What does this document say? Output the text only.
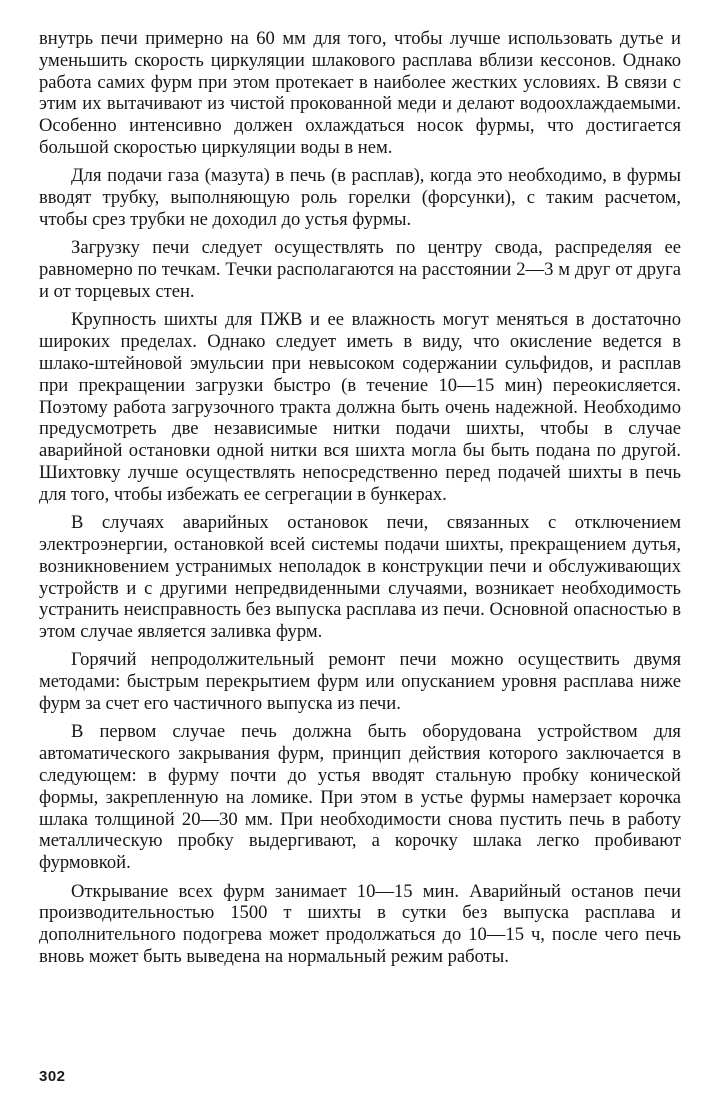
внутрь печи примерно на 60 мм для того, чтобы лучше использовать дутье и уменьшить скорость циркуляции шлакового расплава вблизи кессонов. Однако работа самих фурм при этом протекает в наиболее жестких условиях. В связи с этим их вытачивают из чистой прокованной меди и делают водоохлаждаемыми. Особенно интенсивно должен охлаждаться носок фурмы, что достигается большой скоростью циркуляции воды в нем.

Для подачи газа (мазута) в печь (в расплав), когда это необходимо, в фурмы вводят трубку, выполняющую роль горелки (форсунки), с таким расчетом, чтобы срез трубки не доходил до устья фурмы.

Загрузку печи следует осуществлять по центру свода, распределяя ее равномерно по течкам. Течки располагаются на расстоянии 2—3 м друг от друга и от торцевых стен.

Крупность шихты для ПЖВ и ее влажность могут меняться в достаточно широких пределах. Однако следует иметь в виду, что окисление ведется в шлако-штейновой эмульсии при невысоком содержании сульфидов, и расплав при прекращении загрузки быстро (в течение 10—15 мин) переокисляется. Поэтому работа загрузочного тракта должна быть очень надежной. Необходимо предусмотреть две независимые нитки подачи шихты, чтобы в случае аварийной остановки одной нитки вся шихта могла бы быть подана по другой. Шихтовку лучше осуществлять непосредственно перед подачей шихты в печь для того, чтобы избежать ее сегрегации в бункерах.

В случаях аварийных остановок печи, связанных с отключением электроэнергии, остановкой всей системы подачи шихты, прекращением дутья, возникновением устранимых неполадок в конструкции печи и обслуживающих устройств и с другими непредвиденными случаями, возникает необходимость устранить неисправность без выпуска расплава из печи. Основной опасностью в этом случае является заливка фурм.

Горячий непродолжительный ремонт печи можно осуществить двумя методами: быстрым перекрытием фурм или опусканием уровня расплава ниже фурм за счет его частичного выпуска из печи.

В первом случае печь должна быть оборудована устройством для автоматического закрывания фурм, принцип действия которого заключается в следующем: в фурму почти до устья вводят стальную пробку конической формы, закрепленную на ломике. При этом в устье фурмы намерзает корочка шлака толщиной 20—30 мм. При необходимости снова пустить печь в работу металлическую пробку выдергивают, а корочку шлака легко пробивают фурмовкой.

Открывание всех фурм занимает 10—15 мин. Аварийный останов печи производительностью 1500 т шихты в сутки без выпуска расплава и дополнительного подогрева может продолжаться до 10—15 ч, после чего печь вновь может быть выведена на нормальный режим работы.

302
